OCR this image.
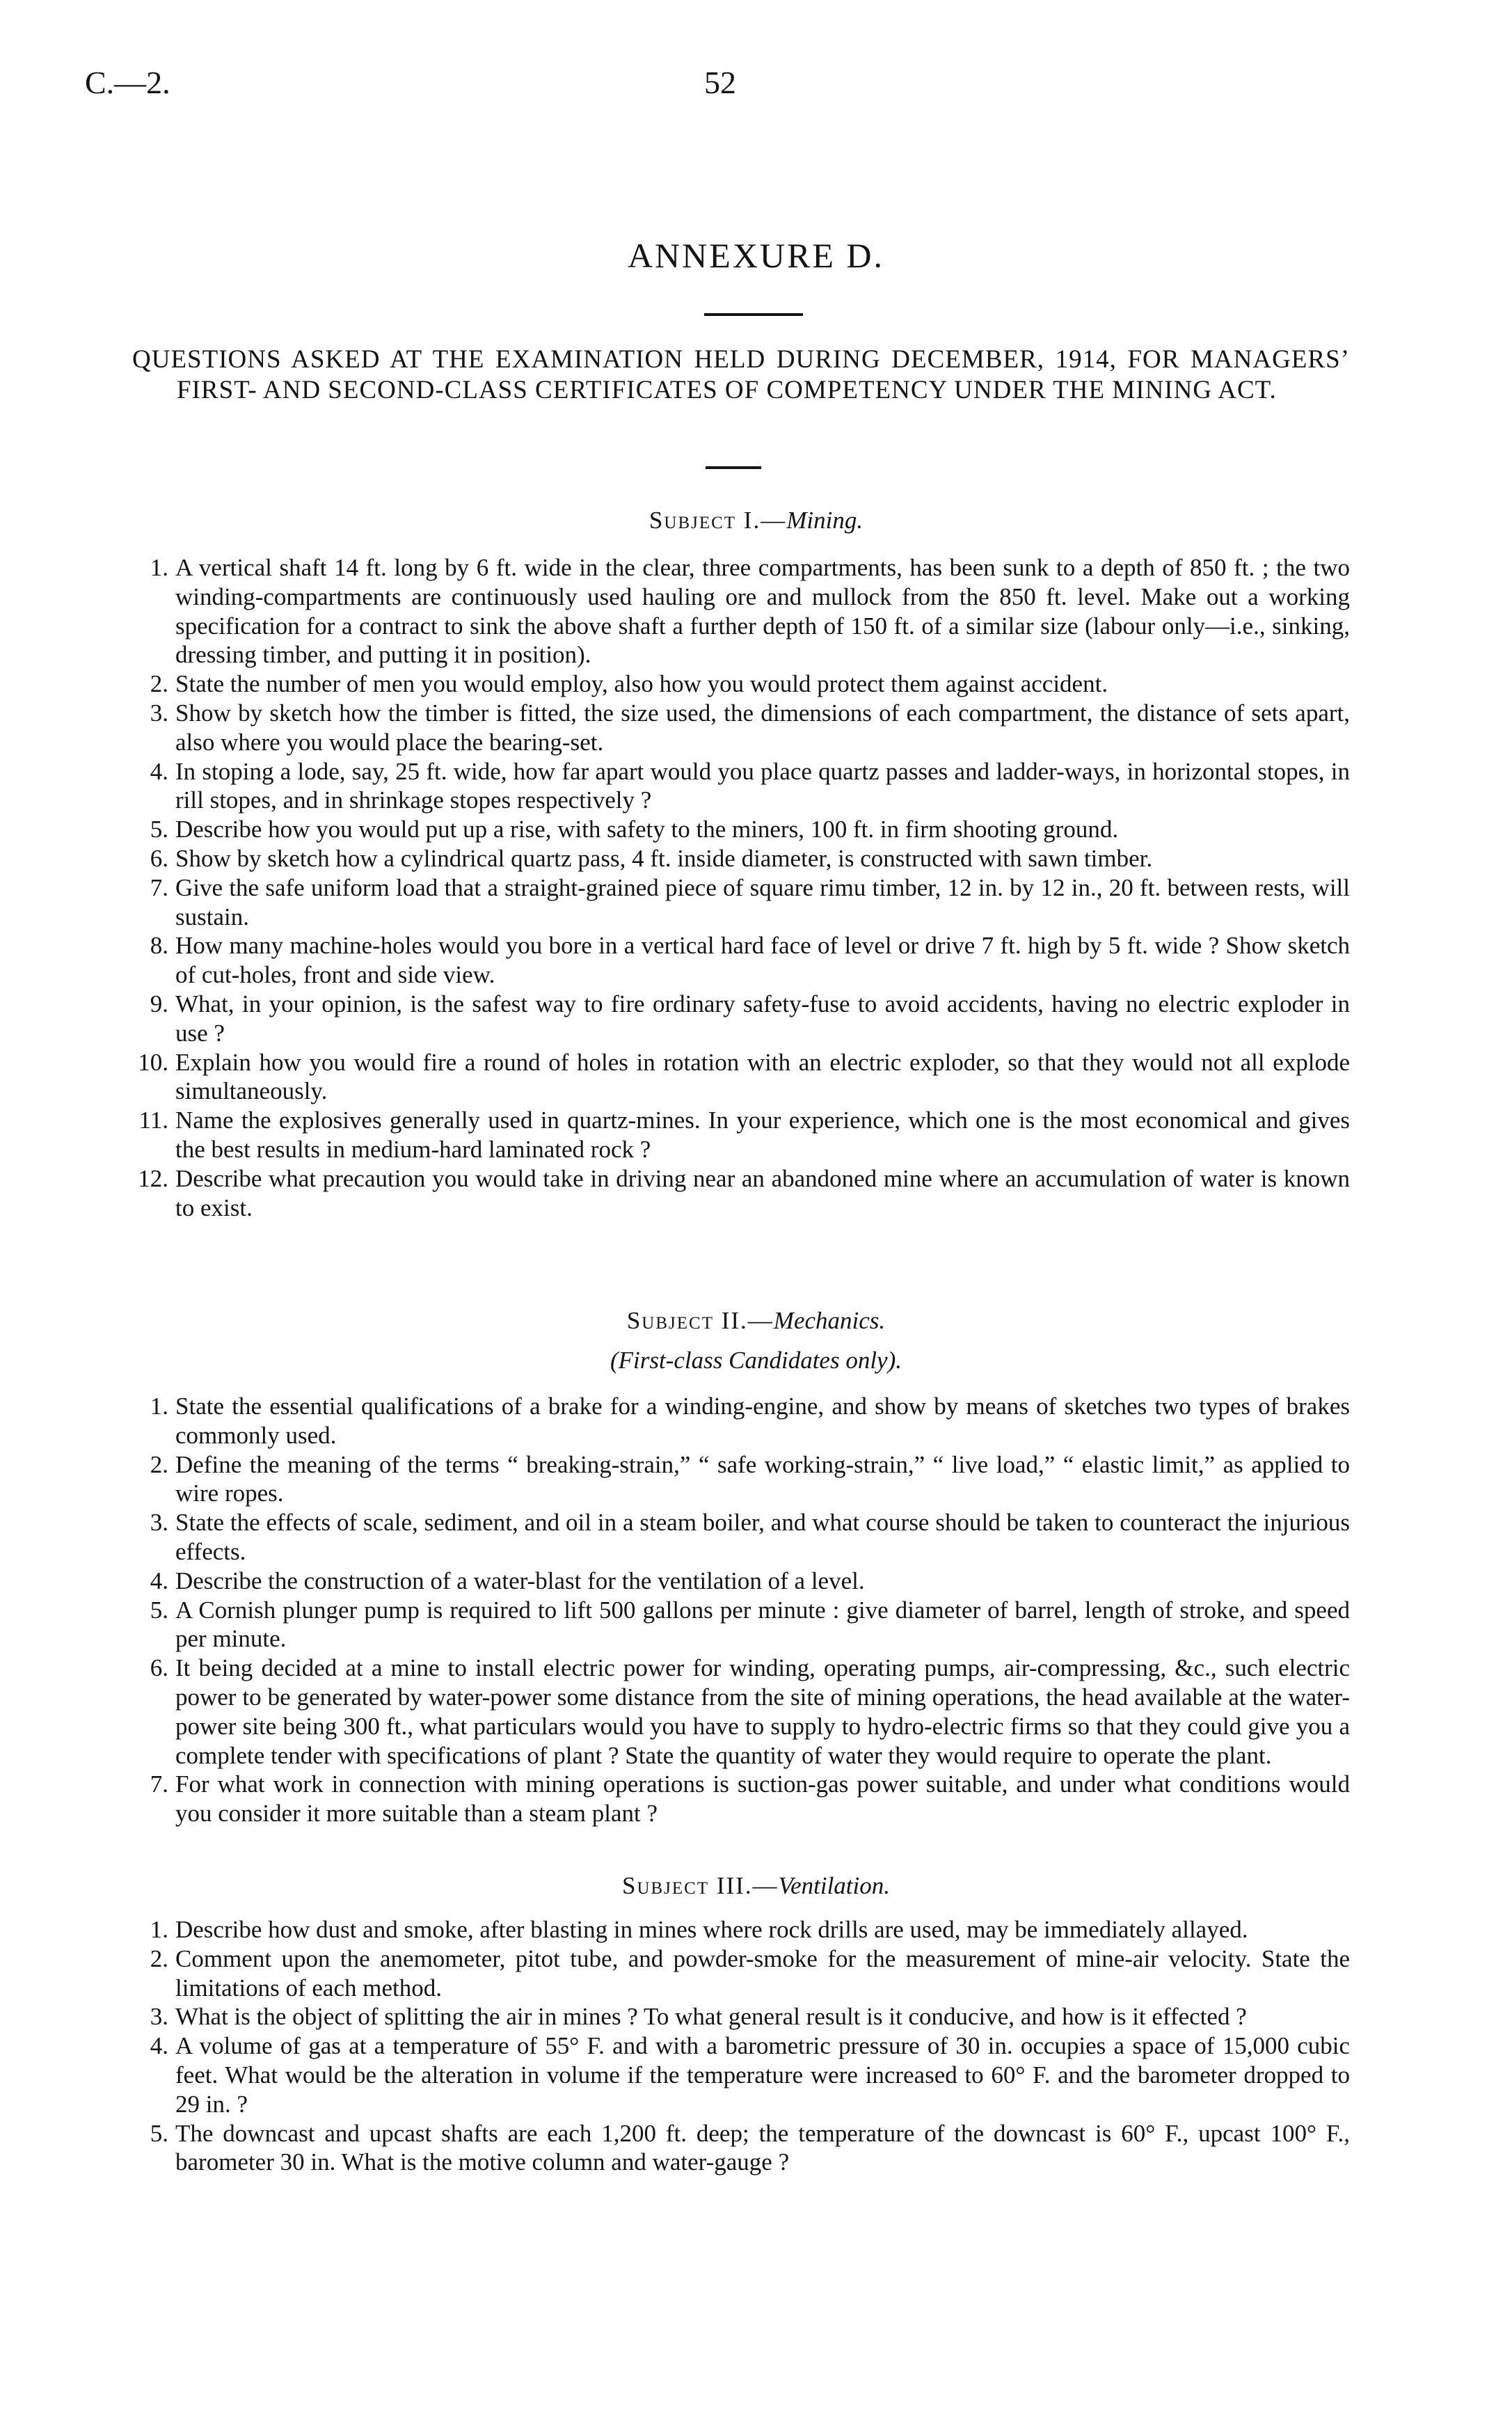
C.—2.	52
ANNEXURE D.
QUESTIONS ASKED AT THE EXAMINATION HELD DURING DECEMBER, 1914, FOR MANAGERS’ FIRST- AND SECOND-CLASS CERTIFICATES OF COMPETENCY UNDER THE MINING ACT.
Subject I.—Mining.
1. A vertical shaft 14 ft. long by 6 ft. wide in the clear, three compartments, has been sunk to a depth of 850 ft. ; the two winding-compartments are continuously used hauling ore and mullock from the 850 ft. level. Make out a working specification for a contract to sink the above shaft a further depth of 150 ft. of a similar size (labour only—i.e., sinking, dressing timber, and putting it in position).
2. State the number of men you would employ, also how you would protect them against accident.
3. Show by sketch how the timber is fitted, the size used, the dimensions of each compartment, the distance of sets apart, also where you would place the bearing-set.
4. In stoping a lode, say, 25 ft. wide, how far apart would you place quartz passes and ladder-ways, in horizontal stopes, in rill stopes, and in shrinkage stopes respectively ?
5. Describe how you would put up a rise, with safety to the miners, 100 ft. in firm shooting ground.
6. Show by sketch how a cylindrical quartz pass, 4 ft. inside diameter, is constructed with sawn timber.
7. Give the safe uniform load that a straight-grained piece of square rimu timber, 12 in. by 12 in., 20 ft. between rests, will sustain.
8. How many machine-holes would you bore in a vertical hard face of level or drive 7 ft. high by 5 ft. wide ? Show sketch of cut-holes, front and side view.
9. What, in your opinion, is the safest way to fire ordinary safety-fuse to avoid accidents, having no electric exploder in use ?
10. Explain how you would fire a round of holes in rotation with an electric exploder, so that they would not all explode simultaneously.
11. Name the explosives generally used in quartz-mines. In your experience, which one is the most economical and gives the best results in medium-hard laminated rock ?
12. Describe what precaution you would take in driving near an abandoned mine where an accumulation of water is known to exist.
Subject II.—Mechanics.
(First-class Candidates only).
1. State the essential qualifications of a brake for a winding-engine, and show by means of sketches two types of brakes commonly used.
2. Define the meaning of the terms “ breaking-strain,” “ safe working-strain,” “ live load,” “ elastic limit,” as applied to wire ropes.
3. State the effects of scale, sediment, and oil in a steam boiler, and what course should be taken to counteract the injurious effects.
4. Describe the construction of a water-blast for the ventilation of a level.
5. A Cornish plunger pump is required to lift 500 gallons per minute : give diameter of barrel, length of stroke, and speed per minute.
6. It being decided at a mine to install electric power for winding, operating pumps, air-compressing, &c., such electric power to be generated by water-power some distance from the site of mining operations, the head available at the water-power site being 300 ft., what particulars would you have to supply to hydro-electric firms so that they could give you a complete tender with specifications of plant ? State the quantity of water they would require to operate the plant.
7. For what work in connection with mining operations is suction-gas power suitable, and under what conditions would you consider it more suitable than a steam plant ?
Subject III.—Ventilation.
1. Describe how dust and smoke, after blasting in mines where rock drills are used, may be immediately allayed.
2. Comment upon the anemometer, pitot tube, and powder-smoke for the measurement of mine-air velocity. State the limitations of each method.
3. What is the object of splitting the air in mines ? To what general result is it conducive, and how is it effected ?
4. A volume of gas at a temperature of 55° F. and with a barometric pressure of 30 in. occupies a space of 15,000 cubic feet. What would be the alteration in volume if the temperature were increased to 60° F. and the barometer dropped to 29 in. ?
5. The downcast and upcast shafts are each 1,200 ft. deep; the temperature of the downcast is 60° F., upcast 100° F., barometer 30 in. What is the motive column and water-gauge ?
